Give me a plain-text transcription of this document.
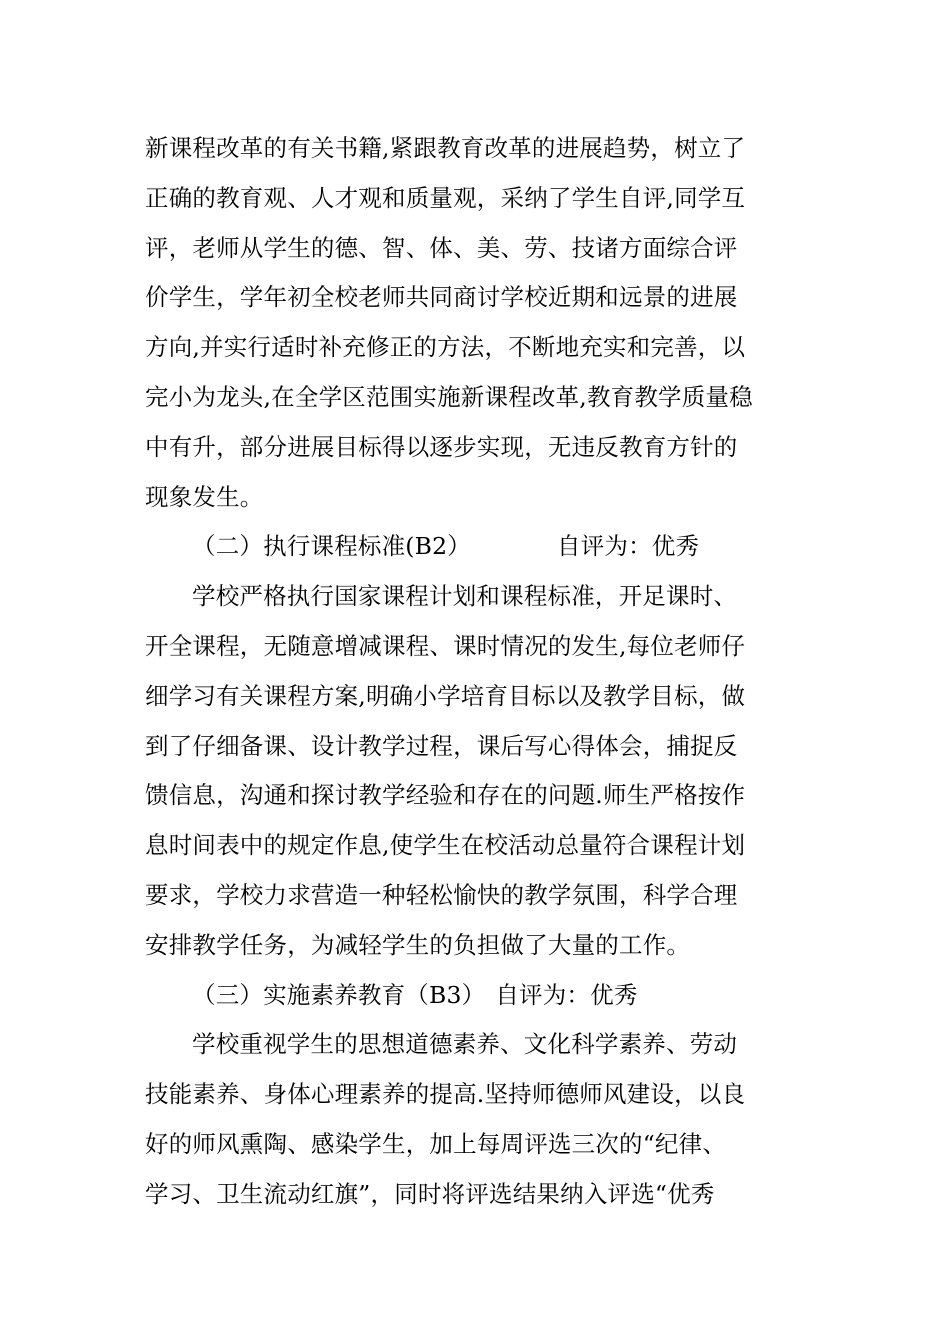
新课程改革的有关书籍,紧跟教育改革的进展趋势，树立了
正确的教育观、人才观和质量观，采纳了学生自评,同学互
评，老师从学生的德、智、体、美、劳、技诸方面综合评
价学生，学年初全校老师共同商讨学校近期和远景的进展
方向,并实行适时补充修正的方法，不断地充实和完善，以
完小为龙头,在全学区范围实施新课程改革,教育教学质量稳
中有升，部分进展目标得以逐步实现，无违反教育方针的
现象发生。
（二）执行课程标准(B2）	自评为：优秀
学校严格执行国家课程计划和课程标准，开足课时、
开全课程，无随意增减课程、课时情况的发生,每位老师仔
细学习有关课程方案,明确小学培育目标以及教学目标，做
到了仔细备课、设计教学过程，课后写心得体会，捕捉反
馈信息，沟通和探讨教学经验和存在的问题.师生严格按作
息时间表中的规定作息,使学生在校活动总量符合课程计划
要求，学校力求营造一种轻松愉快的教学氛围，科学合理
安排教学任务，为减轻学生的负担做了大量的工作。
（三）实施素养教育（B3） 自评为：优秀
学校重视学生的思想道德素养、文化科学素养、劳动
技能素养、身体心理素养的提高.坚持师德师风建设，以良
好的师风熏陶、感染学生，加上每周评选三次的“纪律、
学习、卫生流动红旗”，同时将评选结果纳入评选“优秀
